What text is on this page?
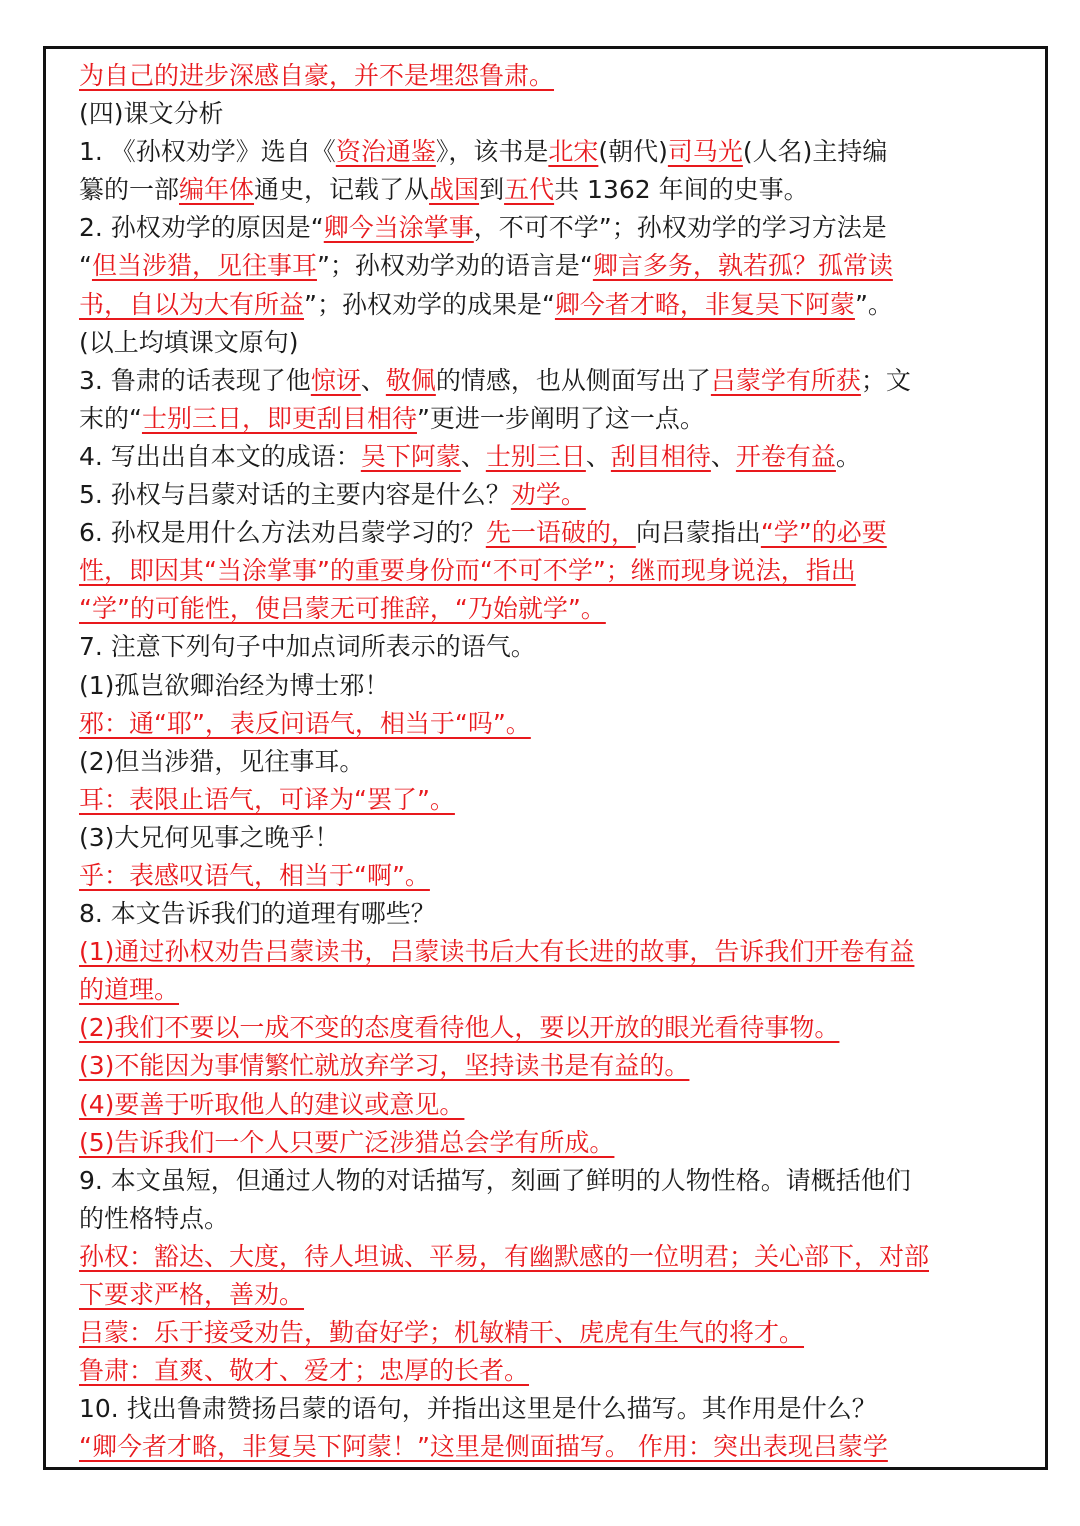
为自己的进步深感自豪，并不是埋怨鲁肃。
(四)课文分析
1. 《孙权劝学》选自《资治通鉴》，该书是北宋(朝代)司马光(人名)主持编
纂的一部编年体通史，记载了从战国到五代共 1362 年间的史事。
2. 孙权劝学的原因是“卿今当涂掌事，不可不学”；孙权劝学的学习方法是
“但当涉猎，见往事耳”；孙权劝学劝的语言是“卿言多务，孰若孤？孤常读
书，自以为大有所益”；孙权劝学的成果是“卿今者才略，非复吴下阿蒙”。
(以上均填课文原句)
3. 鲁肃的话表现了他惊讶、敬佩的情感，也从侧面写出了吕蒙学有所获；文
末的“士别三日，即更刮目相待”更进一步阐明了这一点。
4. 写出出自本文的成语：吴下阿蒙、士别三日、刮目相待、开卷有益。
5. 孙权与吕蒙对话的主要内容是什么？劝学。
6. 孙权是用什么方法劝吕蒙学习的？先一语破的，向吕蒙指出“学”的必要
性，即因其“当涂掌事”的重要身份而“不可不学”；继而现身说法，指出
“学”的可能性，使吕蒙无可推辞，“乃始就学”。
7. 注意下列句子中加点词所表示的语气。
(1)孤岂欲卿治经为博士邪！
邪：通“耶”，表反问语气，相当于“吗”。
(2)但当涉猎，见往事耳。
耳：表限止语气，可译为“罢了”。
(3)大兄何见事之晚乎！
乎：表感叹语气，相当于“啊”。
8. 本文告诉我们的道理有哪些？
(1)通过孙权劝告吕蒙读书，吕蒙读书后大有长进的故事，告诉我们开卷有益
的道理。
(2)我们不要以一成不变的态度看待他人，要以开放的眼光看待事物。
(3)不能因为事情繁忙就放弃学习，坚持读书是有益的。
(4)要善于听取他人的建议或意见。
(5)告诉我们一个人只要广泛涉猎总会学有所成。
9. 本文虽短，但通过人物的对话描写，刻画了鲜明的人物性格。请概括他们
的性格特点。
孙权：豁达、大度，待人坦诚、平易，有幽默感的一位明君；关心部下，对部
下要求严格，善劝。
吕蒙：乐于接受劝告，勤奋好学；机敏精干、虎虎有生气的将才。
鲁肃：直爽、敬才、爱才；忠厚的长者。
10. 找出鲁肃赞扬吕蒙的语句，并指出这里是什么描写。其作用是什么？
“卿今者才略，非复吴下阿蒙！”这里是侧面描写。 作用：突出表现吕蒙学
